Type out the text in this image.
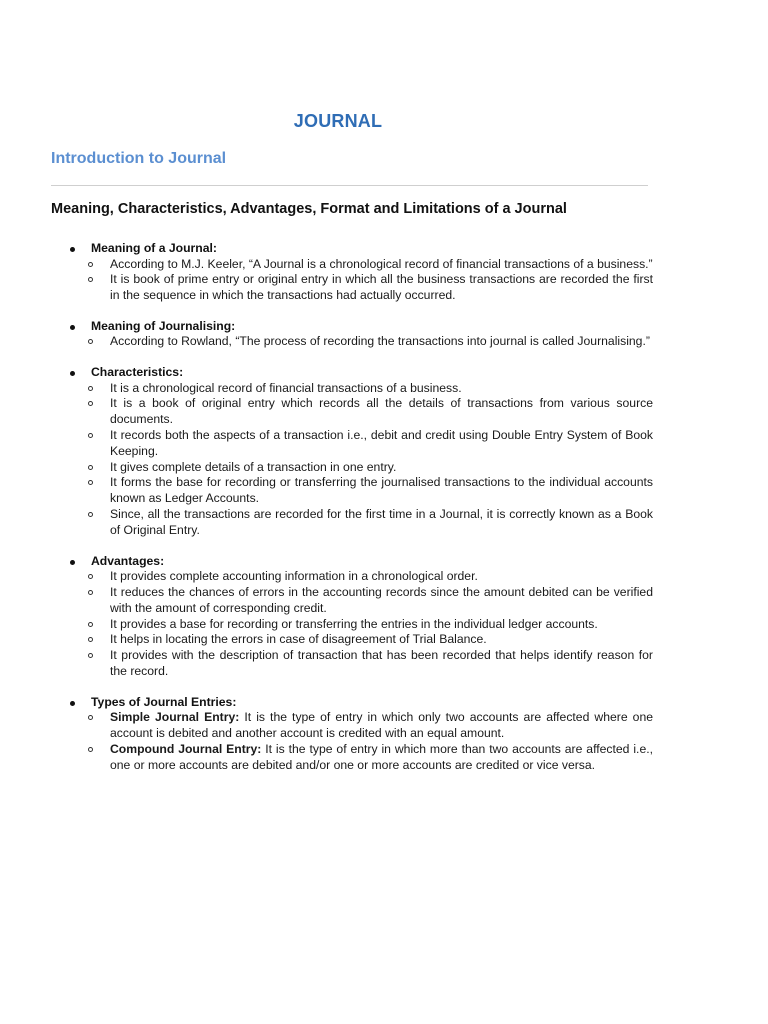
JOURNAL
Introduction to Journal
Meaning, Characteristics, Advantages, Format and Limitations of a Journal
Meaning of a Journal:
According to M.J. Keeler, “A Journal is a chronological record of financial transactions of a business.”
It is book of prime entry or original entry in which all the business transactions are recorded the first in the sequence in which the transactions had actually occurred.
Meaning of Journalising:
According to Rowland, “The process of recording the transactions into journal is called Journalising.”
Characteristics:
It is a chronological record of financial transactions of a business.
It is a book of original entry which records all the details of transactions from various source documents.
It records both the aspects of a transaction i.e., debit and credit using Double Entry System of Book Keeping.
It gives complete details of a transaction in one entry.
It forms the base for recording or transferring the journalised transactions to the individual accounts known as Ledger Accounts.
Since, all the transactions are recorded for the first time in a Journal, it is correctly known as a Book of Original Entry.
Advantages:
It provides complete accounting information in a chronological order.
It reduces the chances of errors in the accounting records since the amount debited can be verified with the amount of corresponding credit.
It provides a base for recording or transferring the entries in the individual ledger accounts.
It helps in locating the errors in case of disagreement of Trial Balance.
It provides with the description of transaction that has been recorded that helps identify reason for the record.
Types of Journal Entries:
Simple Journal Entry: It is the type of entry in which only two accounts are affected where one account is debited and another account is credited with an equal amount.
Compound Journal Entry: It is the type of entry in which more than two accounts are affected i.e., one or more accounts are debited and/or one or more accounts are credited or vice versa.
